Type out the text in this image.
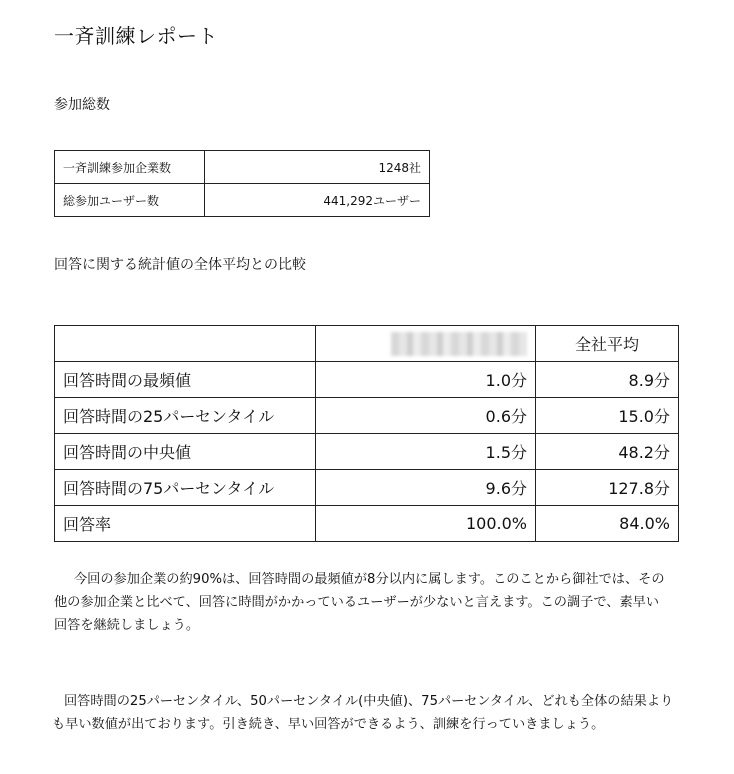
一斉訓練レポート
参加総数
一斉訓練参加企業数	1248社
総参加ユーザー数	441,292ユーザー
回答に関する統計値の全体平均との比較
		全社平均
回答時間の最頻値	1.0分	8.9分
回答時間の25パーセンタイル	0.6分	15.0分
回答時間の中央値	1.5分	48.2分
回答時間の75パーセンタイル	9.6分	127.8分
回答率	100.0%	84.0%

今回の参加企業の約90%は、回答時間の最頻値が8分以内に属します。このことから御社では、その他の参加企業と比べて、回答に時間がかかっているユーザーが少ないと言えます。この調子で、素早い回答を継続しましょう。

回答時間の25パーセンタイル、50パーセンタイル(中央値)、75パーセンタイル、どれも全体の結果よりも早い数値が出ております。引き続き、早い回答ができるよう、訓練を行っていきましょう。
